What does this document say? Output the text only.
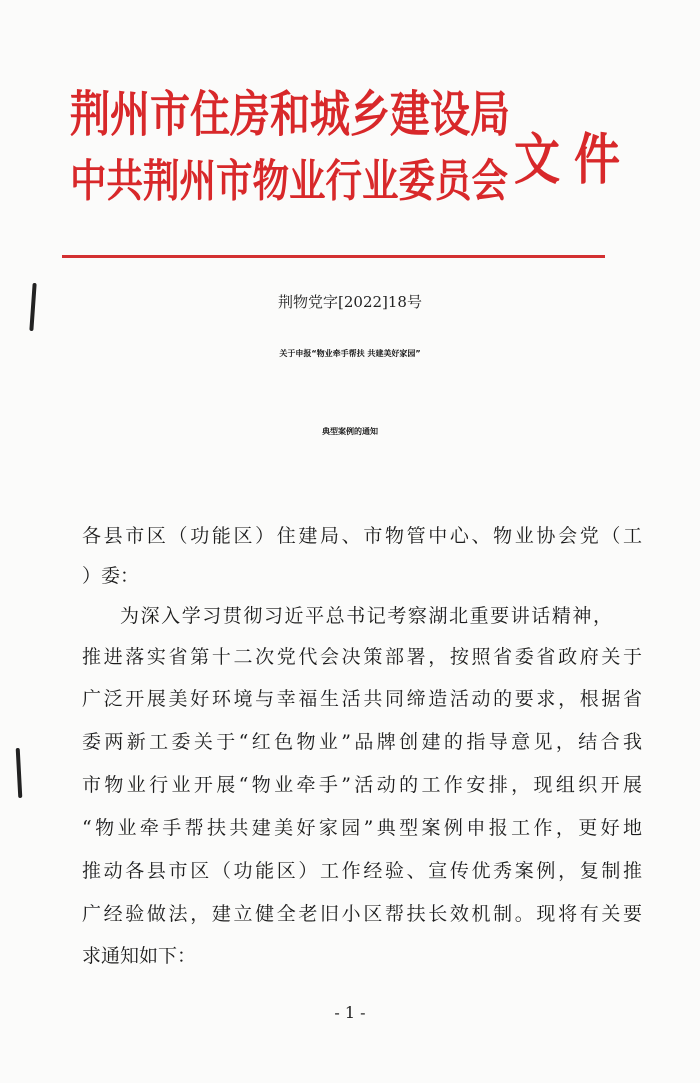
荆州市住房和城乡建设局
中共荆州市物业行业委员会 文件
荆物党字[2022]18号
关于申报“物业牵手帮扶 共建美好家园”
典型案例的通知
各县市区（功能区）住建局、市物管中心、物业协会党（工
）委：
为深入学习贯彻习近平总书记考察湖北重要讲话精神，
推进落实省第十二次党代会决策部署，按照省委省政府关于
广泛开展美好环境与幸福生活共同缔造活动的要求，根据省
委两新工委关于“红色物业”品牌创建的指导意见，结合我
市物业行业开展“物业牵手”活动的工作安排，现组织开展
“物业牵手帮扶共建美好家园”典型案例申报工作，更好地
推动各县市区（功能区）工作经验、宣传优秀案例，复制推
广经验做法，建立健全老旧小区帮扶长效机制。现将有关要
求通知如下：
- 1 -
